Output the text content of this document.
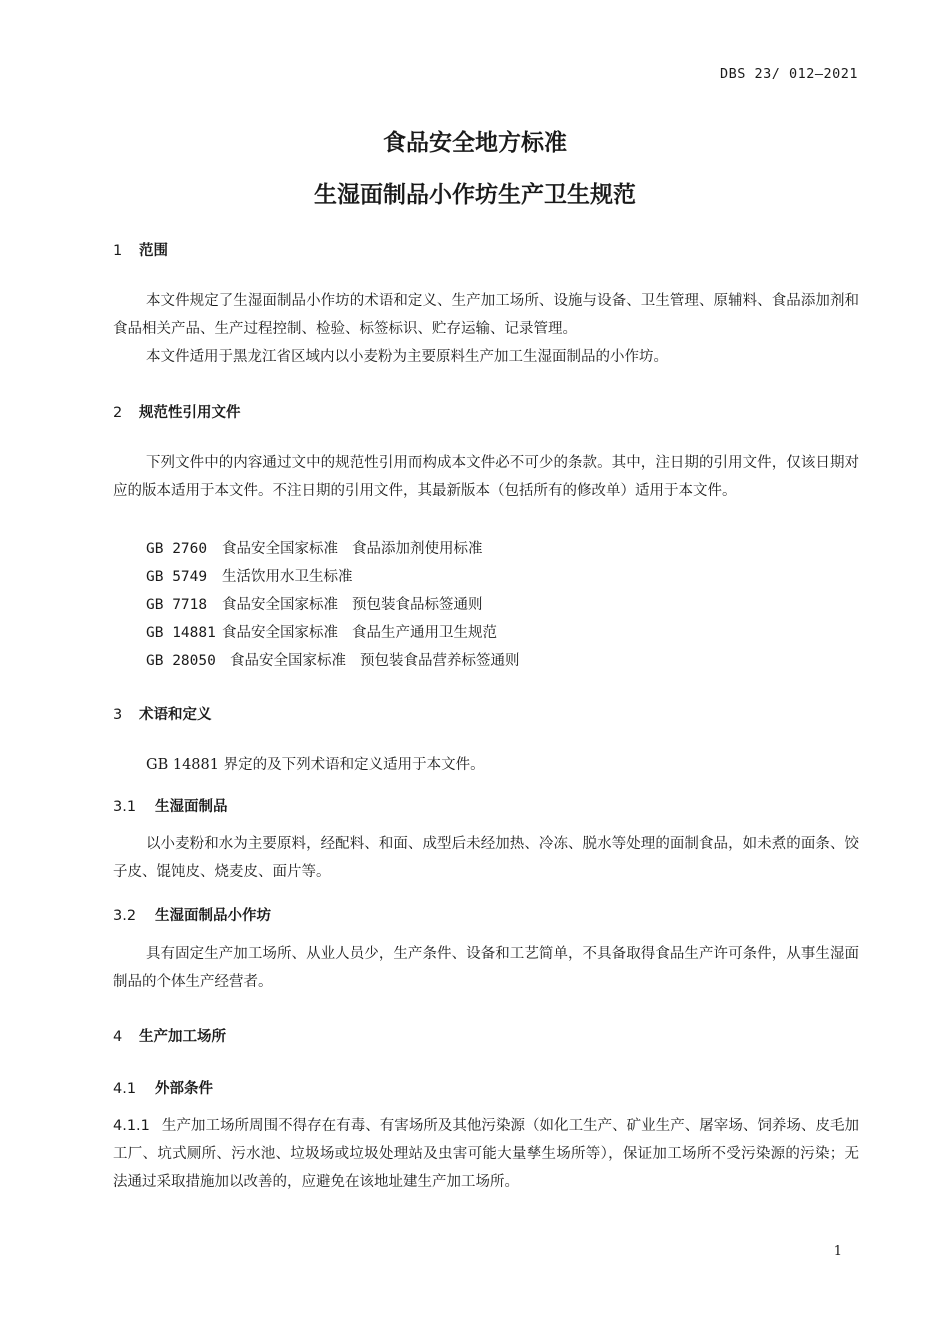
DBS 23/ 012—2021
食品安全地方标准
生湿面制品小作坊生产卫生规范
1 范围
本文件规定了生湿面制品小作坊的术语和定义、生产加工场所、设施与设备、卫生管理、原辅料、食品添加剂和食品相关产品、生产过程控制、检验、标签标识、贮存运输、记录管理。
本文件适用于黑龙江省区域内以小麦粉为主要原料生产加工生湿面制品的小作坊。
2 规范性引用文件
下列文件中的内容通过文中的规范性引用而构成本文件必不可少的条款。其中，注日期的引用文件，仅该日期对应的版本适用于本文件。不注日期的引用文件，其最新版本（包括所有的修改单）适用于本文件。
GB 2760 食品安全国家标准 食品添加剂使用标准
GB 5749 生活饮用水卫生标准
GB 7718 食品安全国家标准 预包装食品标签通则
GB 14881 食品安全国家标准 食品生产通用卫生规范
GB 28050 食品安全国家标准 预包装食品营养标签通则
3 术语和定义
GB 14881 界定的及下列术语和定义适用于本文件。
3.1 生湿面制品
以小麦粉和水为主要原料，经配料、和面、成型后未经加热、冷冻、脱水等处理的面制食品，如未煮的面条、饺子皮、馄饨皮、烧麦皮、面片等。
3.2 生湿面制品小作坊
具有固定生产加工场所、从业人员少，生产条件、设备和工艺简单，不具备取得食品生产许可条件，从事生湿面制品的个体生产经营者。
4 生产加工场所
4.1 外部条件
4.1.1 生产加工场所周围不得存在有毒、有害场所及其他污染源（如化工生产、矿业生产、屠宰场、饲养场、皮毛加工厂、坑式厕所、污水池、垃圾场或垃圾处理站及虫害可能大量孳生场所等），保证加工场所不受污染源的污染；无法通过采取措施加以改善的，应避免在该地址建生产加工场所。
1
